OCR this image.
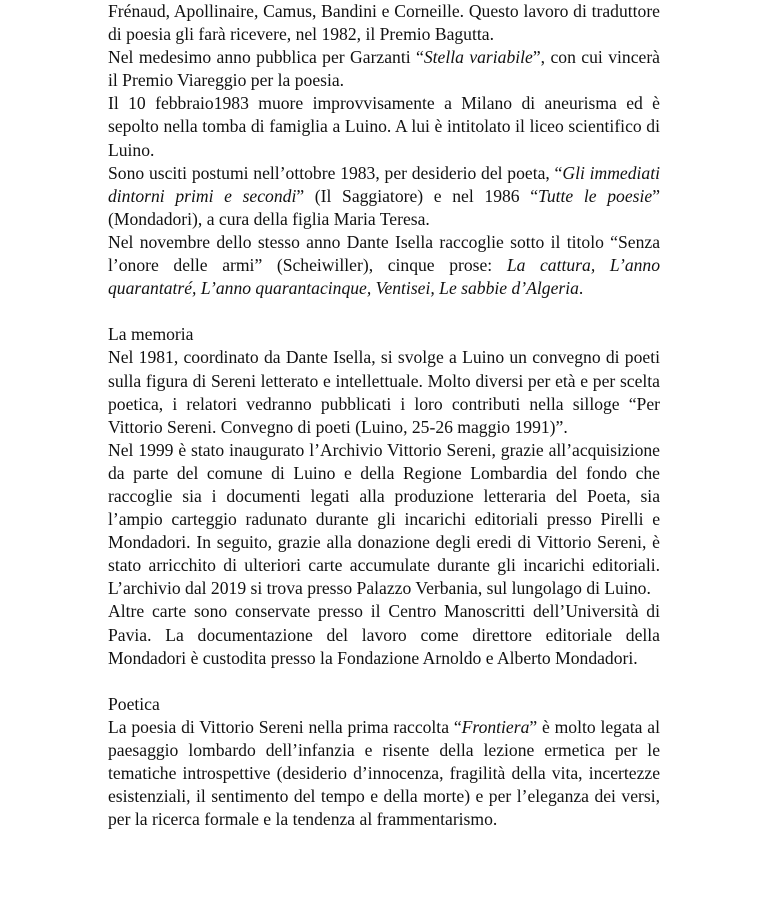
Frénaud, Apollinaire, Camus, Bandini e Corneille. Questo lavoro di traduttore di poesia gli farà ricevere, nel 1982, il Premio Bagutta.

Nel medesimo anno pubblica per Garzanti “Stella variabile”, con cui vincerà il Premio Viareggio per la poesia.

Il 10 febbraio1983 muore improvvisamente a Milano di aneurisma ed è sepolto nella tomba di famiglia a Luino. A lui è intitolato il liceo scientifico di Luino.

Sono usciti postumi nell’ottobre 1983, per desiderio del poeta, “Gli immediati dintorni primi e secondi” (Il Saggiatore) e nel 1986 “Tutte le poesie” (Mondadori), a cura della figlia Maria Teresa.

Nel novembre dello stesso anno Dante Isella raccoglie sotto il titolo “Senza l’onore delle armi” (Scheiwiller), cinque prose: La cattura, L’anno quarantatré, L’anno quarantacinque, Ventisei, Le sabbie d’Algeria.

La memoria

Nel 1981, coordinato da Dante Isella, si svolge a Luino un convegno di poeti sulla figura di Sereni letterato e intellettuale. Molto diversi per età e per scelta poetica, i relatori vedranno pubblicati i loro contributi nella silloge “Per Vittorio Sereni. Convegno di poeti (Luino, 25-26 maggio 1991)”.

Nel 1999 è stato inaugurato l’Archivio Vittorio Sereni, grazie all’acquisizione da parte del comune di Luino e della Regione Lombardia del fondo che raccoglie sia i documenti legati alla produzione letteraria del Poeta, sia l’ampio carteggio radunato durante gli incarichi editoriali presso Pirelli e Mondadori. In seguito, grazie alla donazione degli eredi di Vittorio Sereni, è stato arricchito di ulteriori carte accumulate durante gli incarichi editoriali. L’archivio dal 2019 si trova presso Palazzo Verbania, sul lungolago di Luino.

Altre carte sono conservate presso il Centro Manoscritti dell’Università di Pavia. La documentazione del lavoro come direttore editoriale della Mondadori è custodita presso la Fondazione Arnoldo e Alberto Mondadori.

Poetica

La poesia di Vittorio Sereni nella prima raccolta “Frontiera” è molto legata al paesaggio lombardo dell’infanzia e risente della lezione ermetica per le tematiche introspettive (desiderio d’innocenza, fragilità della vita, incertezze esistenziali, il sentimento del tempo e della morte) e per l’eleganza dei versi, per la ricerca formale e la tendenza al frammentarismo.
